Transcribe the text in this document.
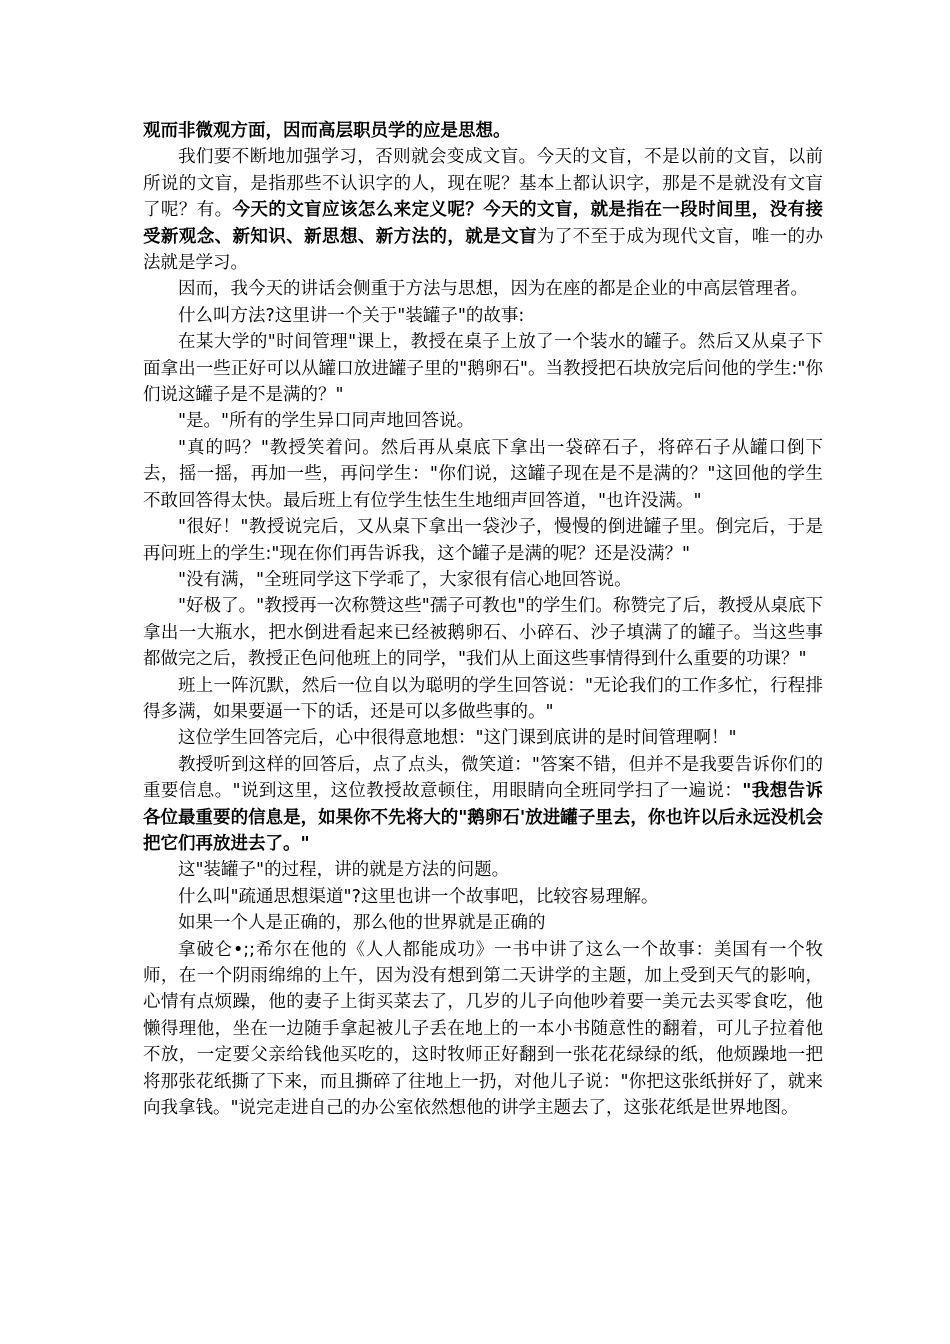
观而非微观方面，因而高层职员学的应是思想。

我们要不断地加强学习，否则就会变成文盲。今天的文盲，不是以前的文盲，以前所说的文盲，是指那些不认识字的人，现在呢？基本上都认识字，那是不是就没有文盲了呢？有。今天的文盲应该怎么来定义呢？今天的文盲，就是指在一段时间里，没有接受新观念、新知识、新思想、新方法的，就是文盲为了不至于成为现代文盲，唯一的办法就是学习。

因而，我今天的讲话会侧重于方法与思想，因为在座的都是企业的中高层管理者。

什么叫方法?这里讲一个关于"装罐子"的故事:

在某大学的"时间管理"课上，教授在桌子上放了一个装水的罐子。然后又从桌子下面拿出一些正好可以从罐口放进罐子里的"鹅卵石"。当教授把石块放完后问他的学生:"你们说这罐子是不是满的？"

"是。"所有的学生异口同声地回答说。

"真的吗？"教授笑着问。然后再从桌底下拿出一袋碎石子，将碎石子从罐口倒下去，摇一摇，再加一些，再问学生："你们说，这罐子现在是不是满的？"这回他的学生不敢回答得太快。最后班上有位学生怯生生地细声回答道，"也许没满。"

"很好！"教授说完后，又从桌下拿出一袋沙子，慢慢的倒进罐子里。倒完后，于是再问班上的学生:"现在你们再告诉我，这个罐子是满的呢？还是没满？"

"没有满，"全班同学这下学乖了，大家很有信心地回答说。

"好极了。"教授再一次称赞这些"孺子可教也"的学生们。称赞完了后，教授从桌底下拿出一大瓶水，把水倒进看起来已经被鹅卵石、小碎石、沙子填满了的罐子。当这些事都做完之后，教授正色问他班上的同学，"我们从上面这些事情得到什么重要的功课？"

班上一阵沉默，然后一位自以为聪明的学生回答说："无论我们的工作多忙，行程排得多满，如果要逼一下的话，还是可以多做些事的。"

这位学生回答完后，心中很得意地想："这门课到底讲的是时间管理啊！"

教授听到这样的回答后，点了点头，微笑道："答案不错，但并不是我要告诉你们的重要信息。"说到这里，这位教授故意顿住，用眼睛向全班同学扫了一遍说："我想告诉各位最重要的信息是，如果你不先将大的"鹅卵石'放进罐子里去，你也许以后永远没机会把它们再放进去了。"

这"装罐子"的过程，讲的就是方法的问题。

什么叫"疏通思想渠道"?这里也讲一个故事吧，比较容易理解。

如果一个人是正确的，那么他的世界就是正确的

拿破仑•;;希尔在他的《人人都能成功》一书中讲了这么一个故事：美国有一个牧师，在一个阴雨绵绵的上午，因为没有想到第二天讲学的主题，加上受到天气的影响，心情有点烦躁，他的妻子上街买菜去了，几岁的儿子向他吵着要一美元去买零食吃，他懒得理他，坐在一边随手拿起被儿子丢在地上的一本小书随意性的翻着，可儿子拉着他不放，一定要父亲给钱他买吃的，这时牧师正好翻到一张花花绿绿的纸，他烦躁地一把将那张花纸撕了下来，而且撕碎了往地上一扔，对他儿子说："你把这张纸拼好了，就来向我拿钱。"说完走进自己的办公室依然想他的讲学主题去了，这张花纸是世界地图。
